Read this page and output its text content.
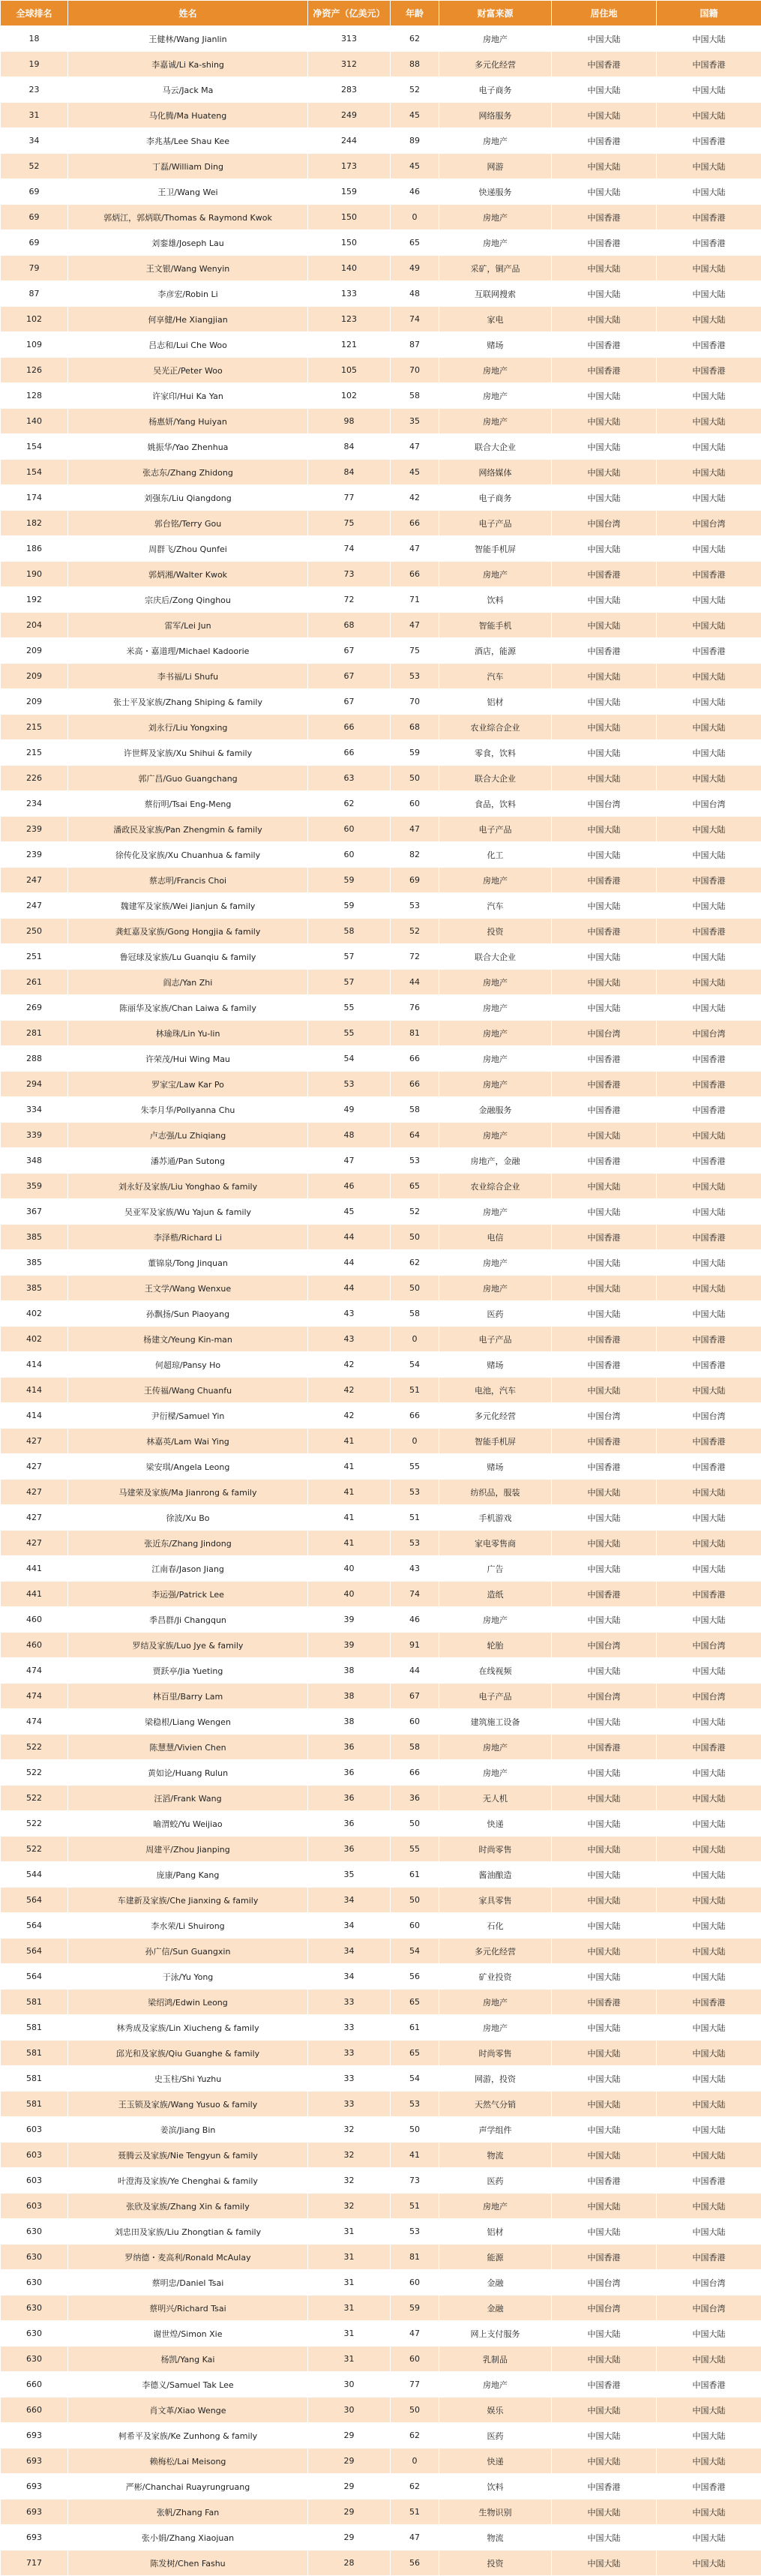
全球排名	姓名	净资产（亿美元）	年龄	财富来源	居住地	国籍
18	王健林/Wang Jianlin	313	62	房地产	中国大陆	中国大陆
19	李嘉诚/Li Ka-shing	312	88	多元化经营	中国香港	中国香港
23	马云/Jack Ma	283	52	电子商务	中国大陆	中国大陆
31	马化腾/Ma Huateng	249	45	网络服务	中国大陆	中国大陆
34	李兆基/Lee Shau Kee	244	89	房地产	中国香港	中国香港
52	丁磊/William Ding	173	45	网游	中国大陆	中国大陆
69	王卫/Wang Wei	159	46	快递服务	中国大陆	中国大陆
69	郭炳江，郭炳联/Thomas & Raymond Kwok	150	0	房地产	中国香港	中国香港
69	刘銮雄/Joseph Lau	150	65	房地产	中国香港	中国香港
79	王文银/Wang Wenyin	140	49	采矿，铜产品	中国大陆	中国大陆
87	李彦宏/Robin Li	133	48	互联网搜索	中国大陆	中国大陆
102	何享健/He Xiangjian	123	74	家电	中国大陆	中国大陆
109	吕志和/Lui Che Woo	121	87	赌场	中国香港	中国香港
126	吴光正/Peter Woo	105	70	房地产	中国香港	中国香港
128	许家印/Hui Ka Yan	102	58	房地产	中国大陆	中国大陆
140	杨惠妍/Yang Huiyan	98	35	房地产	中国大陆	中国大陆
154	姚振华/Yao Zhenhua	84	47	联合大企业	中国大陆	中国大陆
154	张志东/Zhang Zhidong	84	45	网络媒体	中国大陆	中国大陆
174	刘强东/Liu Qiangdong	77	42	电子商务	中国大陆	中国大陆
182	郭台铭/Terry Gou	75	66	电子产品	中国台湾	中国台湾
186	周群飞/Zhou Qunfei	74	47	智能手机屏	中国大陆	中国大陆
190	郭炳湘/Walter Kwok	73	66	房地产	中国香港	中国香港
192	宗庆后/Zong Qinghou	72	71	饮料	中国大陆	中国大陆
204	雷军/Lei Jun	68	47	智能手机	中国大陆	中国大陆
209	米高・嘉道理/Michael Kadoorie	67	75	酒店，能源	中国香港	中国香港
209	李书福/Li Shufu	67	53	汽车	中国大陆	中国大陆
209	张士平及家族/Zhang Shiping & family	67	70	铝材	中国大陆	中国大陆
215	刘永行/Liu Yongxing	66	68	农业综合企业	中国大陆	中国大陆
215	许世辉及家族/Xu Shihui & family	66	59	零食，饮料	中国大陆	中国大陆
226	郭广昌/Guo Guangchang	63	50	联合大企业	中国大陆	中国大陆
234	蔡衍明/Tsai Eng-Meng	62	60	食品，饮料	中国台湾	中国台湾
239	潘政民及家族/Pan Zhengmin & family	60	47	电子产品	中国大陆	中国大陆
239	徐传化及家族/Xu Chuanhua & family	60	82	化工	中国大陆	中国大陆
247	蔡志明/Francis Choi	59	69	房地产	中国香港	中国香港
247	魏建军及家族/Wei Jianjun & family	59	53	汽车	中国大陆	中国大陆
250	龚虹嘉及家族/Gong Hongjia & family	58	52	投资	中国香港	中国香港
251	鲁冠球及家族/Lu Guanqiu & family	57	72	联合大企业	中国大陆	中国大陆
261	阎志/Yan Zhi	57	44	房地产	中国大陆	中国大陆
269	陈丽华及家族/Chan Laiwa & family	55	76	房地产	中国大陆	中国大陆
281	林瑜珠/Lin Yu-lin	55	81	房地产	中国台湾	中国台湾
288	许荣茂/Hui Wing Mau	54	66	房地产	中国香港	中国香港
294	罗家宝/Law Kar Po	53	66	房地产	中国香港	中国香港
334	朱李月华/Pollyanna Chu	49	58	金融服务	中国香港	中国香港
339	卢志强/Lu Zhiqiang	48	64	房地产	中国大陆	中国大陆
348	潘苏通/Pan Sutong	47	53	房地产，金融	中国香港	中国香港
359	刘永好及家族/Liu Yonghao & family	46	65	农业综合企业	中国大陆	中国大陆
367	吴亚军及家族/Wu Yajun & family	45	52	房地产	中国大陆	中国大陆
385	李泽楷/Richard Li	44	50	电信	中国香港	中国香港
385	董锦泉/Tong Jinquan	44	62	房地产	中国大陆	中国大陆
385	王文学/Wang Wenxue	44	50	房地产	中国大陆	中国大陆
402	孙飘扬/Sun Piaoyang	43	58	医药	中国大陆	中国大陆
402	杨建文/Yeung Kin-man	43	0	电子产品	中国香港	中国香港
414	何超琼/Pansy Ho	42	54	赌场	中国香港	中国香港
414	王传福/Wang Chuanfu	42	51	电池，汽车	中国大陆	中国大陆
414	尹衍樑/Samuel Yin	42	66	多元化经营	中国台湾	中国台湾
427	林嘉英/Lam Wai Ying	41	0	智能手机屏	中国香港	中国香港
427	梁安琪/Angela Leong	41	55	赌场	中国香港	中国香港
427	马建荣及家族/Ma Jianrong & family	41	53	纺织品，服装	中国大陆	中国大陆
427	徐波/Xu Bo	41	51	手机游戏	中国大陆	中国大陆
427	张近东/Zhang Jindong	41	53	家电零售商	中国大陆	中国大陆
441	江南春/Jason Jiang	40	43	广告	中国大陆	中国大陆
441	李运强/Patrick Lee	40	74	造纸	中国香港	中国香港
460	季昌群/Ji Changqun	39	46	房地产	中国大陆	中国大陆
460	罗结及家族/Luo Jye & family	39	91	轮胎	中国台湾	中国台湾
474	贾跃亭/Jia Yueting	38	44	在线视频	中国大陆	中国大陆
474	林百里/Barry Lam	38	67	电子产品	中国台湾	中国台湾
474	梁稳根/Liang Wengen	38	60	建筑施工设备	中国大陆	中国大陆
522	陈慧慧/Vivien Chen	36	58	房地产	中国香港	中国香港
522	黄如论/Huang Rulun	36	66	房地产	中国大陆	中国大陆
522	汪滔/Frank Wang	36	36	无人机	中国大陆	中国大陆
522	喻渭蛟/Yu Weijiao	36	50	快递	中国大陆	中国大陆
522	周建平/Zhou Jianping	36	55	时尚零售	中国大陆	中国大陆
544	庞康/Pang Kang	35	61	酱油酿造	中国大陆	中国大陆
564	车建新及家族/Che Jianxing & family	34	50	家具零售	中国大陆	中国大陆
564	李水荣/Li Shuirong	34	60	石化	中国大陆	中国大陆
564	孙广信/Sun Guangxin	34	54	多元化经营	中国大陆	中国大陆
564	于泳/Yu Yong	34	56	矿业投资	中国大陆	中国大陆
581	梁绍鸿/Edwin Leong	33	65	房地产	中国香港	中国香港
581	林秀成及家族/Lin Xiucheng & family	33	61	房地产	中国大陆	中国大陆
581	邱光和及家族/Qiu Guanghe & family	33	65	时尚零售	中国大陆	中国大陆
581	史玉柱/Shi Yuzhu	33	54	网游，投资	中国大陆	中国大陆
581	王玉锁及家族/Wang Yusuo & family	33	53	天然气分销	中国大陆	中国大陆
603	姜滨/Jiang Bin	32	50	声学组件	中国大陆	中国大陆
603	聂腾云及家族/Nie Tengyun & family	32	41	物流	中国大陆	中国大陆
603	叶澄海及家族/Ye Chenghai & family	32	73	医药	中国香港	中国香港
603	张欣及家族/Zhang Xin & family	32	51	房地产	中国大陆	中国大陆
630	刘忠田及家族/Liu Zhongtian & family	31	53	铝材	中国大陆	中国大陆
630	罗纳德・麦高利/Ronald McAulay	31	81	能源	中国香港	中国香港
630	蔡明忠/Daniel Tsai	31	60	金融	中国台湾	中国台湾
630	蔡明兴/Richard Tsai	31	59	金融	中国台湾	中国台湾
630	谢世煌/Simon Xie	31	47	网上支付服务	中国大陆	中国大陆
630	杨凯/Yang Kai	31	60	乳制品	中国大陆	中国大陆
660	李德义/Samuel Tak Lee	30	77	房地产	中国香港	中国香港
660	肖文革/Xiao Wenge	30	50	娱乐	中国大陆	中国大陆
693	柯希平及家族/Ke Zunhong & family	29	62	医药	中国大陆	中国大陆
693	赖梅松/Lai Meisong	29	0	快递	中国大陆	中国大陆
693	严彬/Chanchai Ruayrungruang	29	62	饮料	中国香港	中国香港
693	张帆/Zhang Fan	29	51	生物识别	中国大陆	中国大陆
693	张小娟/Zhang Xiaojuan	29	47	物流	中国大陆	中国大陆
717	陈发树/Chen Fashu	28	56	投资	中国大陆	中国大陆
